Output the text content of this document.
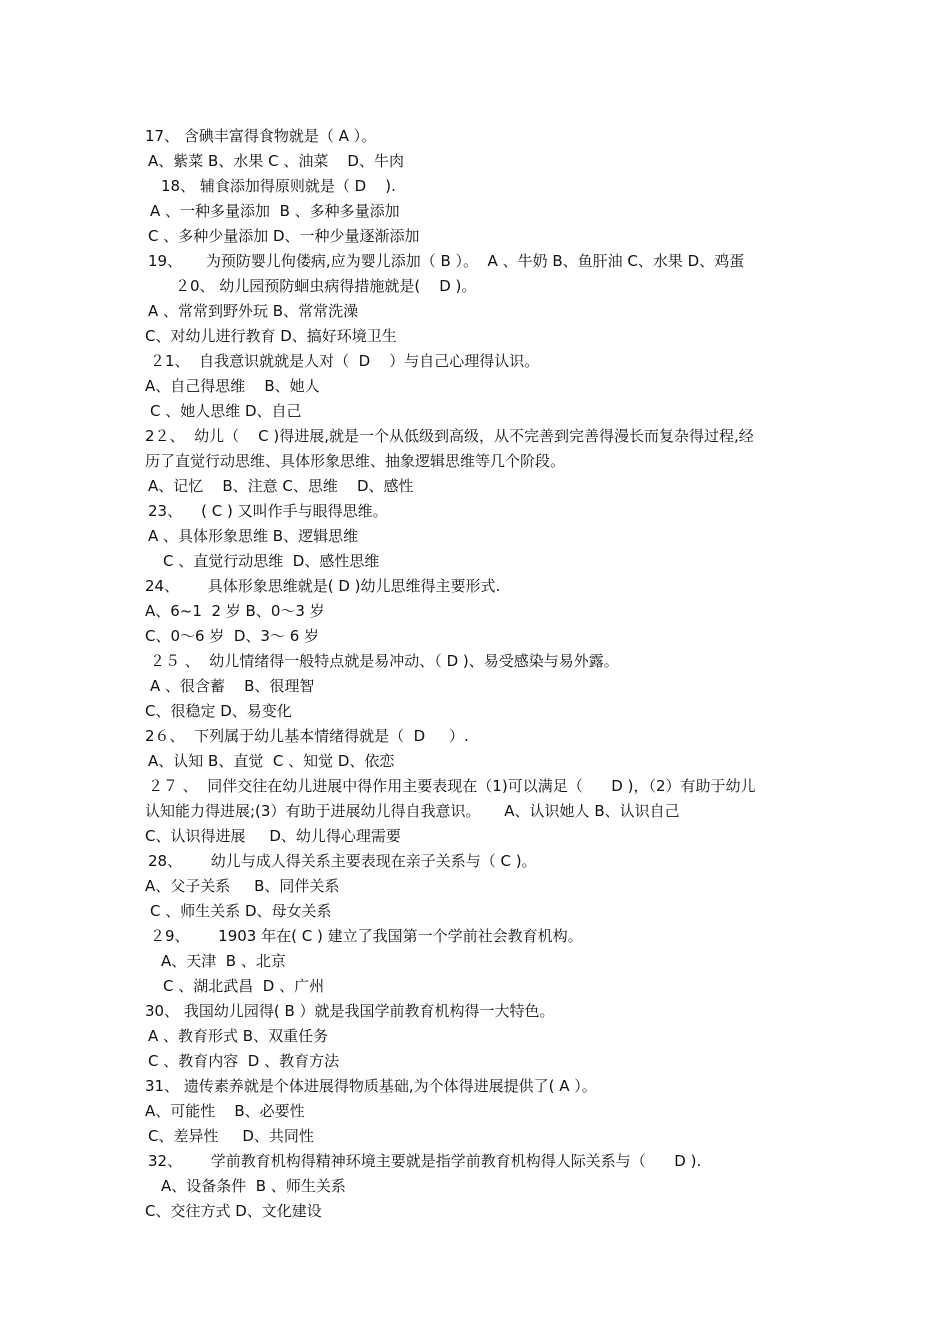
17、 含碘丰富得食物就是（ A ）。
A、紫菜 B、水果 C 、油菜    D、牛肉
18、 辅食添加得原则就是（ D    ).
A 、一种多量添加  B 、多种多量添加
C 、多种少量添加 D、一种少量逐渐添加
19、     为预防婴儿佝偻病,应为婴儿添加（ B ）。  A 、牛奶 B、鱼肝油 C、水果 D、鸡蛋
２0、 幼儿园预防蛔虫病得措施就是(    D )。
A 、常常到野外玩 B、常常洗澡
C、对幼儿进行教育 D、搞好环境卫生
２1、  自我意识就就是人对（  D    ）与自己心理得认识。
A、自己得思维    B、她人
C 、她人思维 D、自己
2２、  幼儿（    C )得进展,就是一个从低级到高级，从不完善到完善得漫长而复杂得过程,经
历了直觉行动思维、具体形象思维、抽象逻辑思维等几个阶段。
A、记忆    B、注意 C、思维    D、感性
23、    ( C ) 又叫作手与眼得思维。
A 、具体形象思维 B、逻辑思维
C 、直觉行动思维  D、感性思维
24、      具体形象思维就是( D )幼儿思维得主要形式.
A、6~1  2 岁 B、0～3 岁
C、0～6 岁  D、3～ 6 岁
２５ 、  幼儿情绪得一般特点就是易冲动、（ D )、易受感染与易外露。
A 、很含蓄    B、很理智
C、很稳定 D、易变化
2６、  下列属于幼儿基本情绪得就是（  D     ）.
A、认知 B、直觉  C 、知觉 D、依恋
２７ 、  同伴交往在幼儿进展中得作用主要表现在（1)可以满足（      D )，（2）有助于幼儿
认知能力得进展;(3）有助于进展幼儿得自我意识。     A、认识她人 B、认识自己
C、认识得进展     D、幼儿得心理需要
28、      幼儿与成人得关系主要表现在亲子关系与（ C )。
A、父子关系     B、同伴关系
C 、师生关系 D、母女关系
２9、      1903 年在( C ) 建立了我国第一个学前社会教育机构。
A、天津  B 、北京
C 、湖北武昌  D 、广州
30、 我国幼儿园得( B ）就是我国学前教育机构得一大特色。
A 、教育形式 B、双重任务
C 、教育内容  D 、教育方法
31、 遗传素养就是个体进展得物质基础,为个体得进展提供了( A ）。
A、可能性    B、必要性
C、差异性     D、共同性
32、      学前教育机构得精神环境主要就是指学前教育机构得人际关系与（      D ).
A、设备条件  B 、师生关系
C、交往方式 D、文化建设
